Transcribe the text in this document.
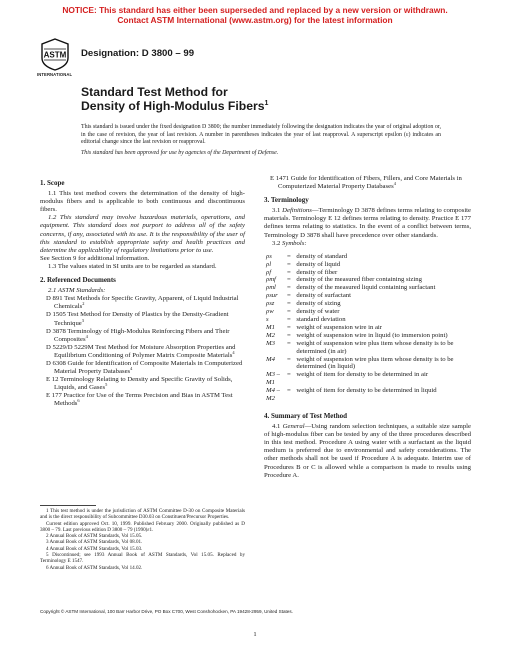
NOTICE: This standard has either been superseded and replaced by a new version or withdrawn.
Contact ASTM International (www.astm.org) for the latest information
ASTM
INTERNATIONAL
Designation: D 3800 – 99
Standard Test Method for
Density of High-Modulus Fibers$^1$

This standard is issued under the fixed designation D 3800; the number immediately following the designation indicates the year of original adoption or, in the case of revision, the year of last revision. A number in parentheses indicates the year of last reapproval. A superscript epsilon (ε) indicates an editorial change since the last revision or reapproval.

This standard has been approved for use by agencies of the Department of Defense.

1. Scope

1.1 This test method covers the determination of the density of high-modulus fibers and is applicable to both continuous and discontinuous fibers.

1.2 This standard may involve hazardous materials, operations, and equipment. This standard does not purport to address all of the safety concerns, if any, associated with its use. It is the responsibility of the user of this standard to establish appropriate safety and health practices and determine the applicability of regulatory limitations prior to use.

See Section 9 for additional information.

1.3 The values stated in SI units are to be regarded as standard.

2. Referenced Documents

2.1 ASTM Standards:

D 891 Test Methods for Specific Gravity, Apparent, of Liquid Industrial Chemicals$^2$

D 1505 Test Method for Density of Plastics by the Density-Gradient Technique$^3$

D 3878 Terminology of High-Modulus Reinforcing Fibers and Their Composites$^4$

D 5229/D 5229M Test Method for Moisture Absorption Properties and Equilibrium Conditioning of Polymer Matrix Composite Materials$^4$

D 6308 Guide for Identification of Composite Materials in Computerized Material Property Databases$^4$

E 12 Terminology Relating to Density and Specific Gravity of Solids, Liquids, and Gases$^5$

E 177 Practice for Use of the Terms Precision and Bias in ASTM Test Methods$^6$

E 1471 Guide for Identification of Fibers, Fillers, and Core Materials in Computerized Material Property Databases$^4$

3. Terminology

3.1 Definitions—Terminology D 3878 defines terms relating to composite materials. Terminology E 12 defines terms relating to density. Practice E 177 defines terms relating to statistics. In the event of a conflict between terms, Terminology D 3878 shall have precedence over other standards.

3.2 Symbols:

ρs	=	density of standard
ρl	=	density of liquid
ρf	=	density of fiber
ρmf	=	density of the measured fiber containing sizing
ρml	=	density of the measured liquid containing surfactant
ρsur	=	density of surfactant
ρsz	=	density of sizing
ρw	=	density of water
s	=	standard deviation
M1	=	weight of suspension wire in air
M2	=	weight of suspension wire in liquid (to immersion point)
M3	=	weight of suspension wire plus item whose density is to be determined (in air)
M4	=	weight of suspension wire plus item whose density is to be determined (in liquid)
M3 – M1	=	weight of item for density to be determined in air
M4 – M2	=	weight of item for density to be determined in liquid

4. Summary of Test Method

4.1 General—Using random selection techniques, a suitable size sample of high-modulus fiber can be tested by any of the three procedures described in this test method. Procedure A using water with a surfactant as the liquid medium is preferred due to environmental and safety considerations. The other methods shall not be used if Procedure A is adequate. Interim use of Procedures B or C is allowed while a comparison is made to results using Procedure A.

1 This test method is under the jurisdiction of ASTM Committee D-30 on Composite Materials and is the direct responsibility of Subcommittee D30.03 on Constituent/Precursor Properties.

Current edition approved Oct. 10, 1999. Published February 2000. Originally published as D 3800 – 79. Last previous edition D 3800 – 79 (1990)ε1.

2 Annual Book of ASTM Standards, Vol 15.05.

3 Annual Book of ASTM Standards, Vol 08.01.

4 Annual Book of ASTM Standards, Vol 15.03.

5 Discontinued; see 1993 Annual Book of ASTM Standards, Vol 15.05. Replaced by Terminology E 1547.

6 Annual Book of ASTM Standards, Vol 14.02.

Copyright © ASTM International, 100 Barr Harbor Drive, PO Box C700, West Conshohocken, PA 19428-2959, United States.
1
